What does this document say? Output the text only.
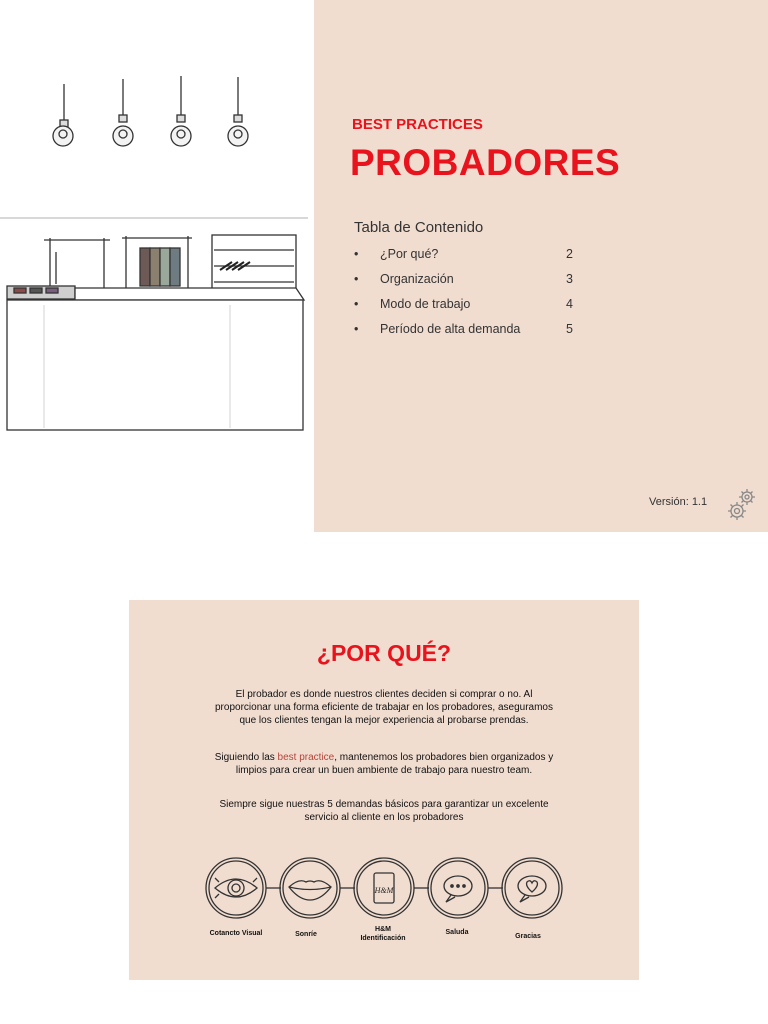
BEST PRACTICES
PROBADORES
Tabla de Contenido
• ¿Por qué?	2
• Organización	3
• Modo de trabajo	4
• Período de alta demanda	5
Versión: 1.1
¿POR QUÉ?

El probador es donde nuestros clientes deciden si comprar o no. Al proporcionar una forma eficiente de trabajar en los probadores, aseguramos que los clientes tengan la mejor experiencia al probarse prendas.

Siguiendo las best practice, mantenemos los probadores bien organizados y limpios para crear un buen ambiente de trabajo para nuestro team.

Siempre sigue nuestras 5 demandas básicos para garantizar un excelente servicio al cliente en los probadores

H&M
Cotancto Visual	Sonríe
H&M
Identificación
Saluda
Gracias
